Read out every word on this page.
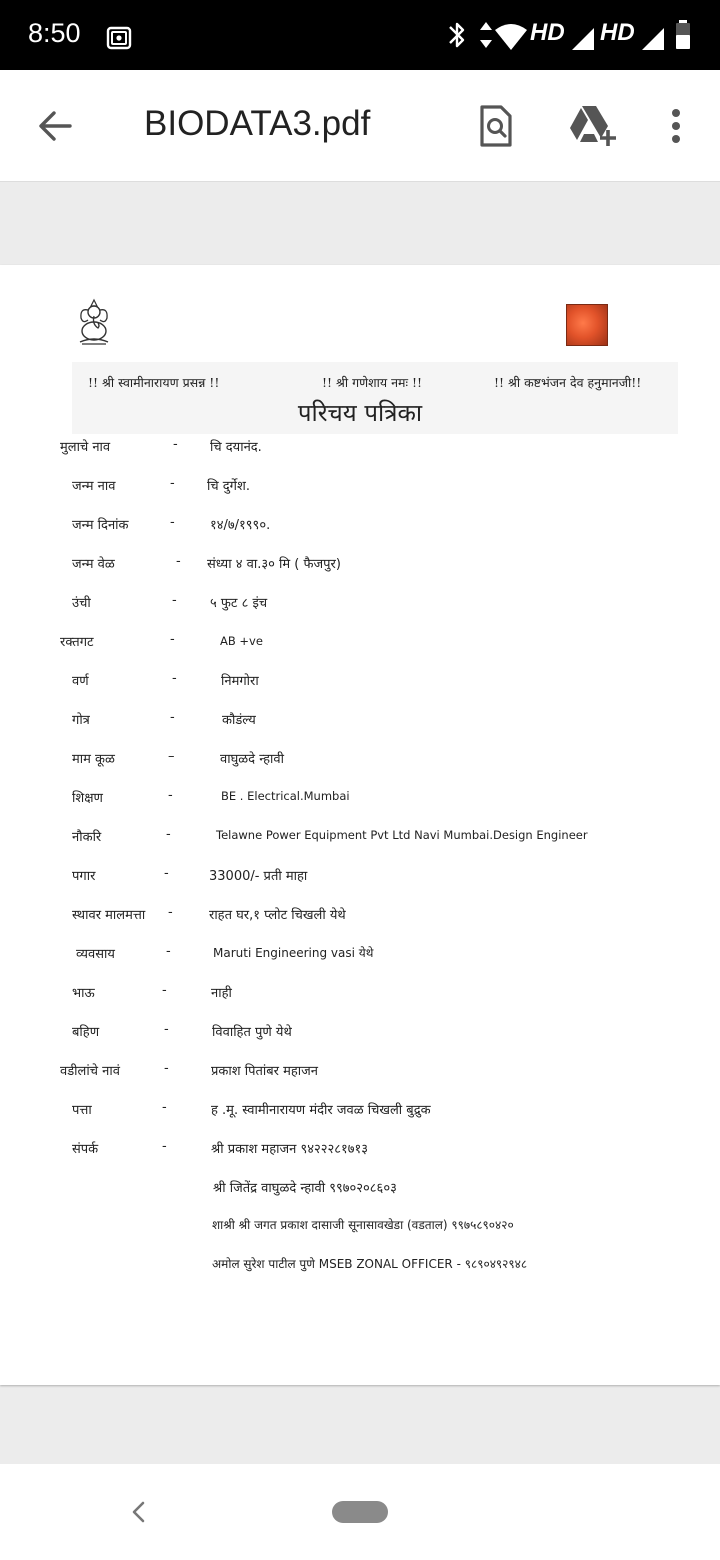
8:50	HD HD
BIODATA3.pdf
!! श्री स्वामीनारायण प्रसन्न !!	!! श्री गणेशाय नमः !!	!! श्री कष्टभंजन देव हनुमानजी!!
परिचय पत्रिका
मुलाचे नाव	- चि दयानंद.
जन्म नाव	- चि दुर्गेश.
जन्म दिनांक	-	१४/७/१९९०.
जन्म वेळ	- संध्या ४ वा.३० मि ( फैजपुर)
उंची	-	५ फुट ८ इंच
रक्तगट	-	AB +ve
वर्ण	-	निमगोरा
गोत्र	-	कौडंल्य
माम कूळ	–	वाघुळदे न्हावी
शिक्षण	-	BE . Electrical.Mumbai
नौकरि	-	Telawne Power Equipment Pvt Ltd Navi Mumbai.Design Engineer
पगार	-	33000/- प्रती माहा
स्थावर मालमत्ता -	राहत घर,१ प्लोट चिखली येथे
व्यवसाय	-	Maruti Engineering vasi येथे
भाऊ	-	नाही
बहिण	-	विवाहित पुणे येथे
वडीलांचे नावं	-	प्रकाश पितांबर महाजन
पत्ता	-	ह .मू. स्वामीनारायण मंदीर जवळ चिखली बुद्रुक
संपर्क	-	श्री प्रकाश महाजन ९४२२२८१७१३
श्री जितेंद्र वाघुळदे न्हावी ९९७०२०८६०३
शाश्री श्री जगत प्रकाश दासाजी सूनासावखेडा (वडताल) ९९७५८९०४२०
अमोल सुरेश पाटील पुणे MSEB ZONAL OFFICER - ९८९०४९२९४८
